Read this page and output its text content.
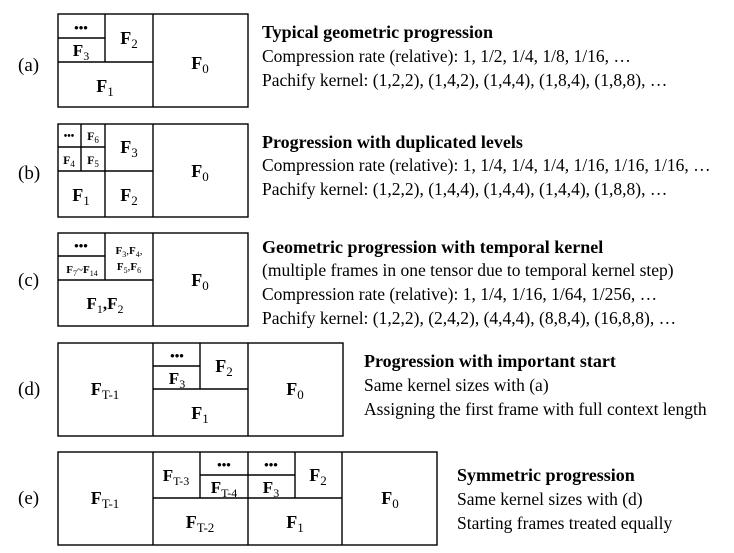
(a)
•••
$F_3$
$F_2$
$F_1$
$F_0$
Typical geometric progression
Compression rate (relative): 1, 1/2, 1/4, 1/8, 1/16, …
Pachify kernel: (1,2,2), (1,4,2), (1,4,4), (1,8,4), (1,8,8), …
(b)
••• $F_6$
$F_4$ $F_5$
$F_3$
$F_1$ $F_2$
$F_0$
Progression with duplicated levels
Compression rate (relative): 1, 1/4, 1/4, 1/4, 1/16, 1/16, 1/16, …
Pachify kernel: (1,2,2), (1,4,4), (1,4,4), (1,4,4), (1,8,8), …
(c)
•••
$F_7\sim F_{14}$
$F_3,F_4$,
$F_5,F_6$
$F_1,F_2$
$F_0$
Geometric progression with temporal kernel
(multiple frames in one tensor due to temporal kernel step)
Compression rate (relative): 1, 1/4, 1/16, 1/64, 1/256, …
Pachify kernel: (1,2,2), (2,4,2), (4,4,4), (8,8,4), (16,8,8), …
(d)	$F_{T-1}$
•••
$F_3$
$F_2$
$F_1$
$F_0$
Progression with important start
Same kernel sizes with (a)
Assigning the first frame with full context length
(e)	$F_{T-1}$
$F_{T-3}$
•••
$F_{T-4}$
•••
$F_3$
$F_2$
$F_{T-2}$	$F_1$
$F_0$
Symmetric progression
Same kernel sizes with (d)
Starting frames treated equally
